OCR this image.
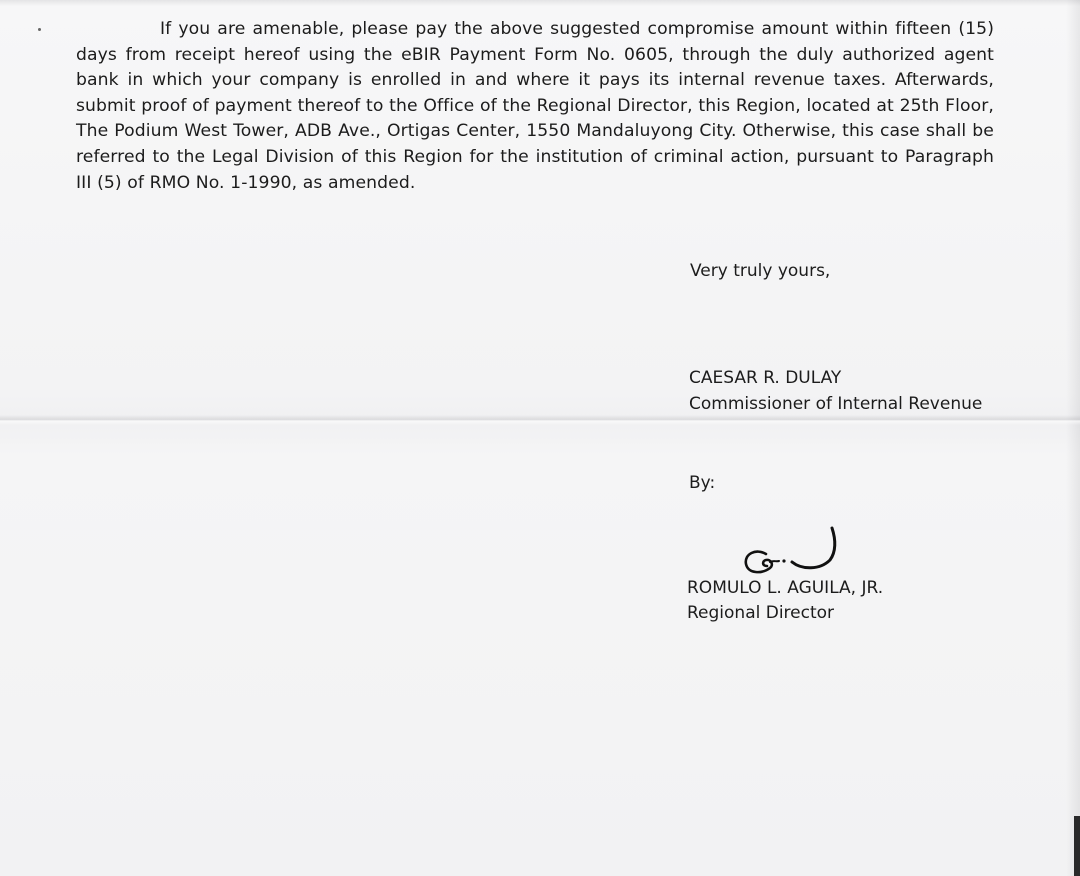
If you are amenable, please pay the above suggested compromise amount within fifteen (15) days from receipt hereof using the eBIR Payment Form No. 0605, through the duly authorized agent bank in which your company is enrolled in and where it pays its internal revenue taxes. Afterwards, submit proof of payment thereof to the Office of the Regional Director, this Region, located at 25th Floor, The Podium West Tower, ADB Ave., Ortigas Center, 1550 Mandaluyong City. Otherwise, this case shall be referred to the Legal Division of this Region for the institution of criminal action, pursuant to Paragraph III (5) of RMO No. 1-1990, as amended.

Very truly yours,

CAESAR R. DULAY

Commissioner of Internal Revenue

By:

ROMULO L. AGUILA, JR.

Regional Director
